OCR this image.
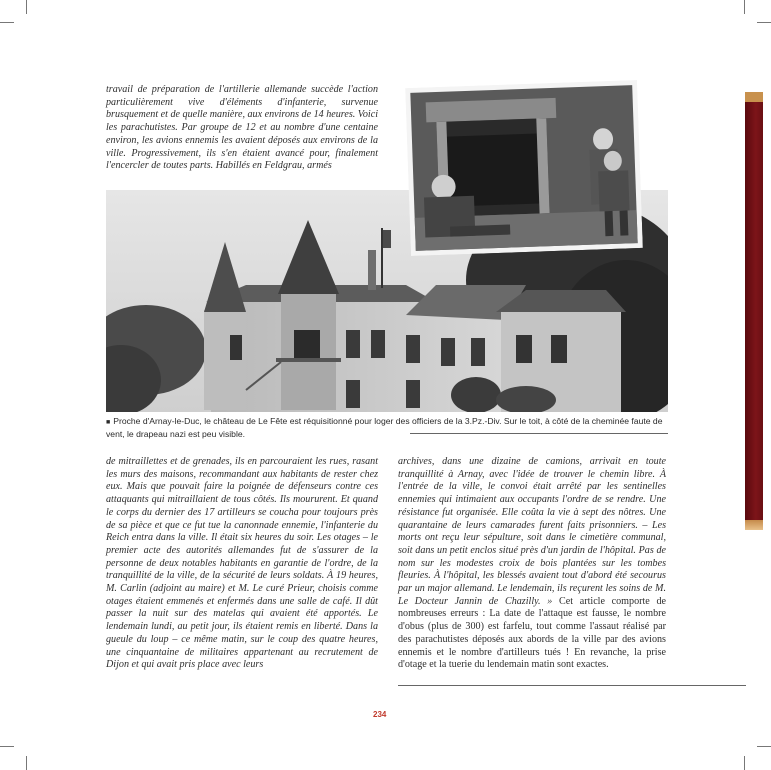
travail de préparation de l'artillerie allemande succède l'action particulièrement vive d'éléments d'infanterie, survenue brusquement et de quelle manière, aux environs de 14 heures. Voici les parachutistes. Par groupe de 12 et au nombre d'une centaine environ, les avions ennemis les avaient déposés aux environs de la ville. Progressivement, ils s'en étaient avancé pour, finalement l'encercler de toutes parts. Habillés en Feldgrau, armés
■ Proche d'Arnay-le-Duc, le château de Le Fête est réquisitionné pour loger des officiers de la 3.Pz.-Div. Sur le toit, à côté de la cheminée faute de vent, le drapeau nazi est peu visible.
de mitraillettes et de grenades, ils en parcouraient les rues, rasant les murs des maisons, recommandant aux habitants de rester chez eux. Mais que pouvait faire la poignée de défenseurs contre ces attaquants qui mitraillaient de tous côtés. Ils moururent. Et quand le corps du dernier des 17 artilleurs se coucha pour toujours près de sa pièce et que ce fut tue la canonnade ennemie, l'infanterie du Reich entra dans la ville. Il était six heures du soir. Les otages – le premier acte des autorités allemandes fut de s'assurer de la personne de deux notables habitants en garantie de l'ordre, de la tranquillité de la ville, de la sécurité de leurs soldats. À 19 heures, M. Carlin (adjoint au maire) et M. Le curé Prieur, choisis comme otages étaient emmenés et enfermés dans une salle de café. Il dût passer la nuit sur des matelas qui avaient été apportés. Le lendemain lundi, au petit jour, ils étaient remis en liberté. Dans la gueule du loup – ce même matin, sur le coup des quatre heures, une cinquantaine de militaires appartenant au recrutement de Dijon et qui avait pris place avec leurs
archives, dans une dizaine de camions, arrivait en toute tranquillité à Arnay, avec l'idée de trouver le chemin libre. À l'entrée de la ville, le convoi était arrêté par les sentinelles ennemies qui intimaient aux occupants l'ordre de se rendre. Une résistance fut organisée. Elle coûta la vie à sept des nôtres. Une quarantaine de leurs camarades furent faits prisonniers. – Les morts ont reçu leur sépulture, soit dans le cimetière communal, soit dans un petit enclos situé près d'un jardin de l'hôpital. Pas de nom sur les modestes croix de bois plantées sur les tombes fleuries. À l'hôpital, les blessés avaient tout d'abord été secourus par un major allemand. Le lendemain, ils reçurent les soins de M. Le Docteur Jannin de Chazilly. » Cet article comporte de nombreuses erreurs : La date de l'attaque est fausse, le nombre d'obus (plus de 300) est farfelu, tout comme l'assaut réalisé par des parachutistes déposés aux abords de la ville par des avions ennemis et le nombre d'artilleurs tués ! En revanche, la prise d'otage et la tuerie du lendemain matin sont exactes.
234
